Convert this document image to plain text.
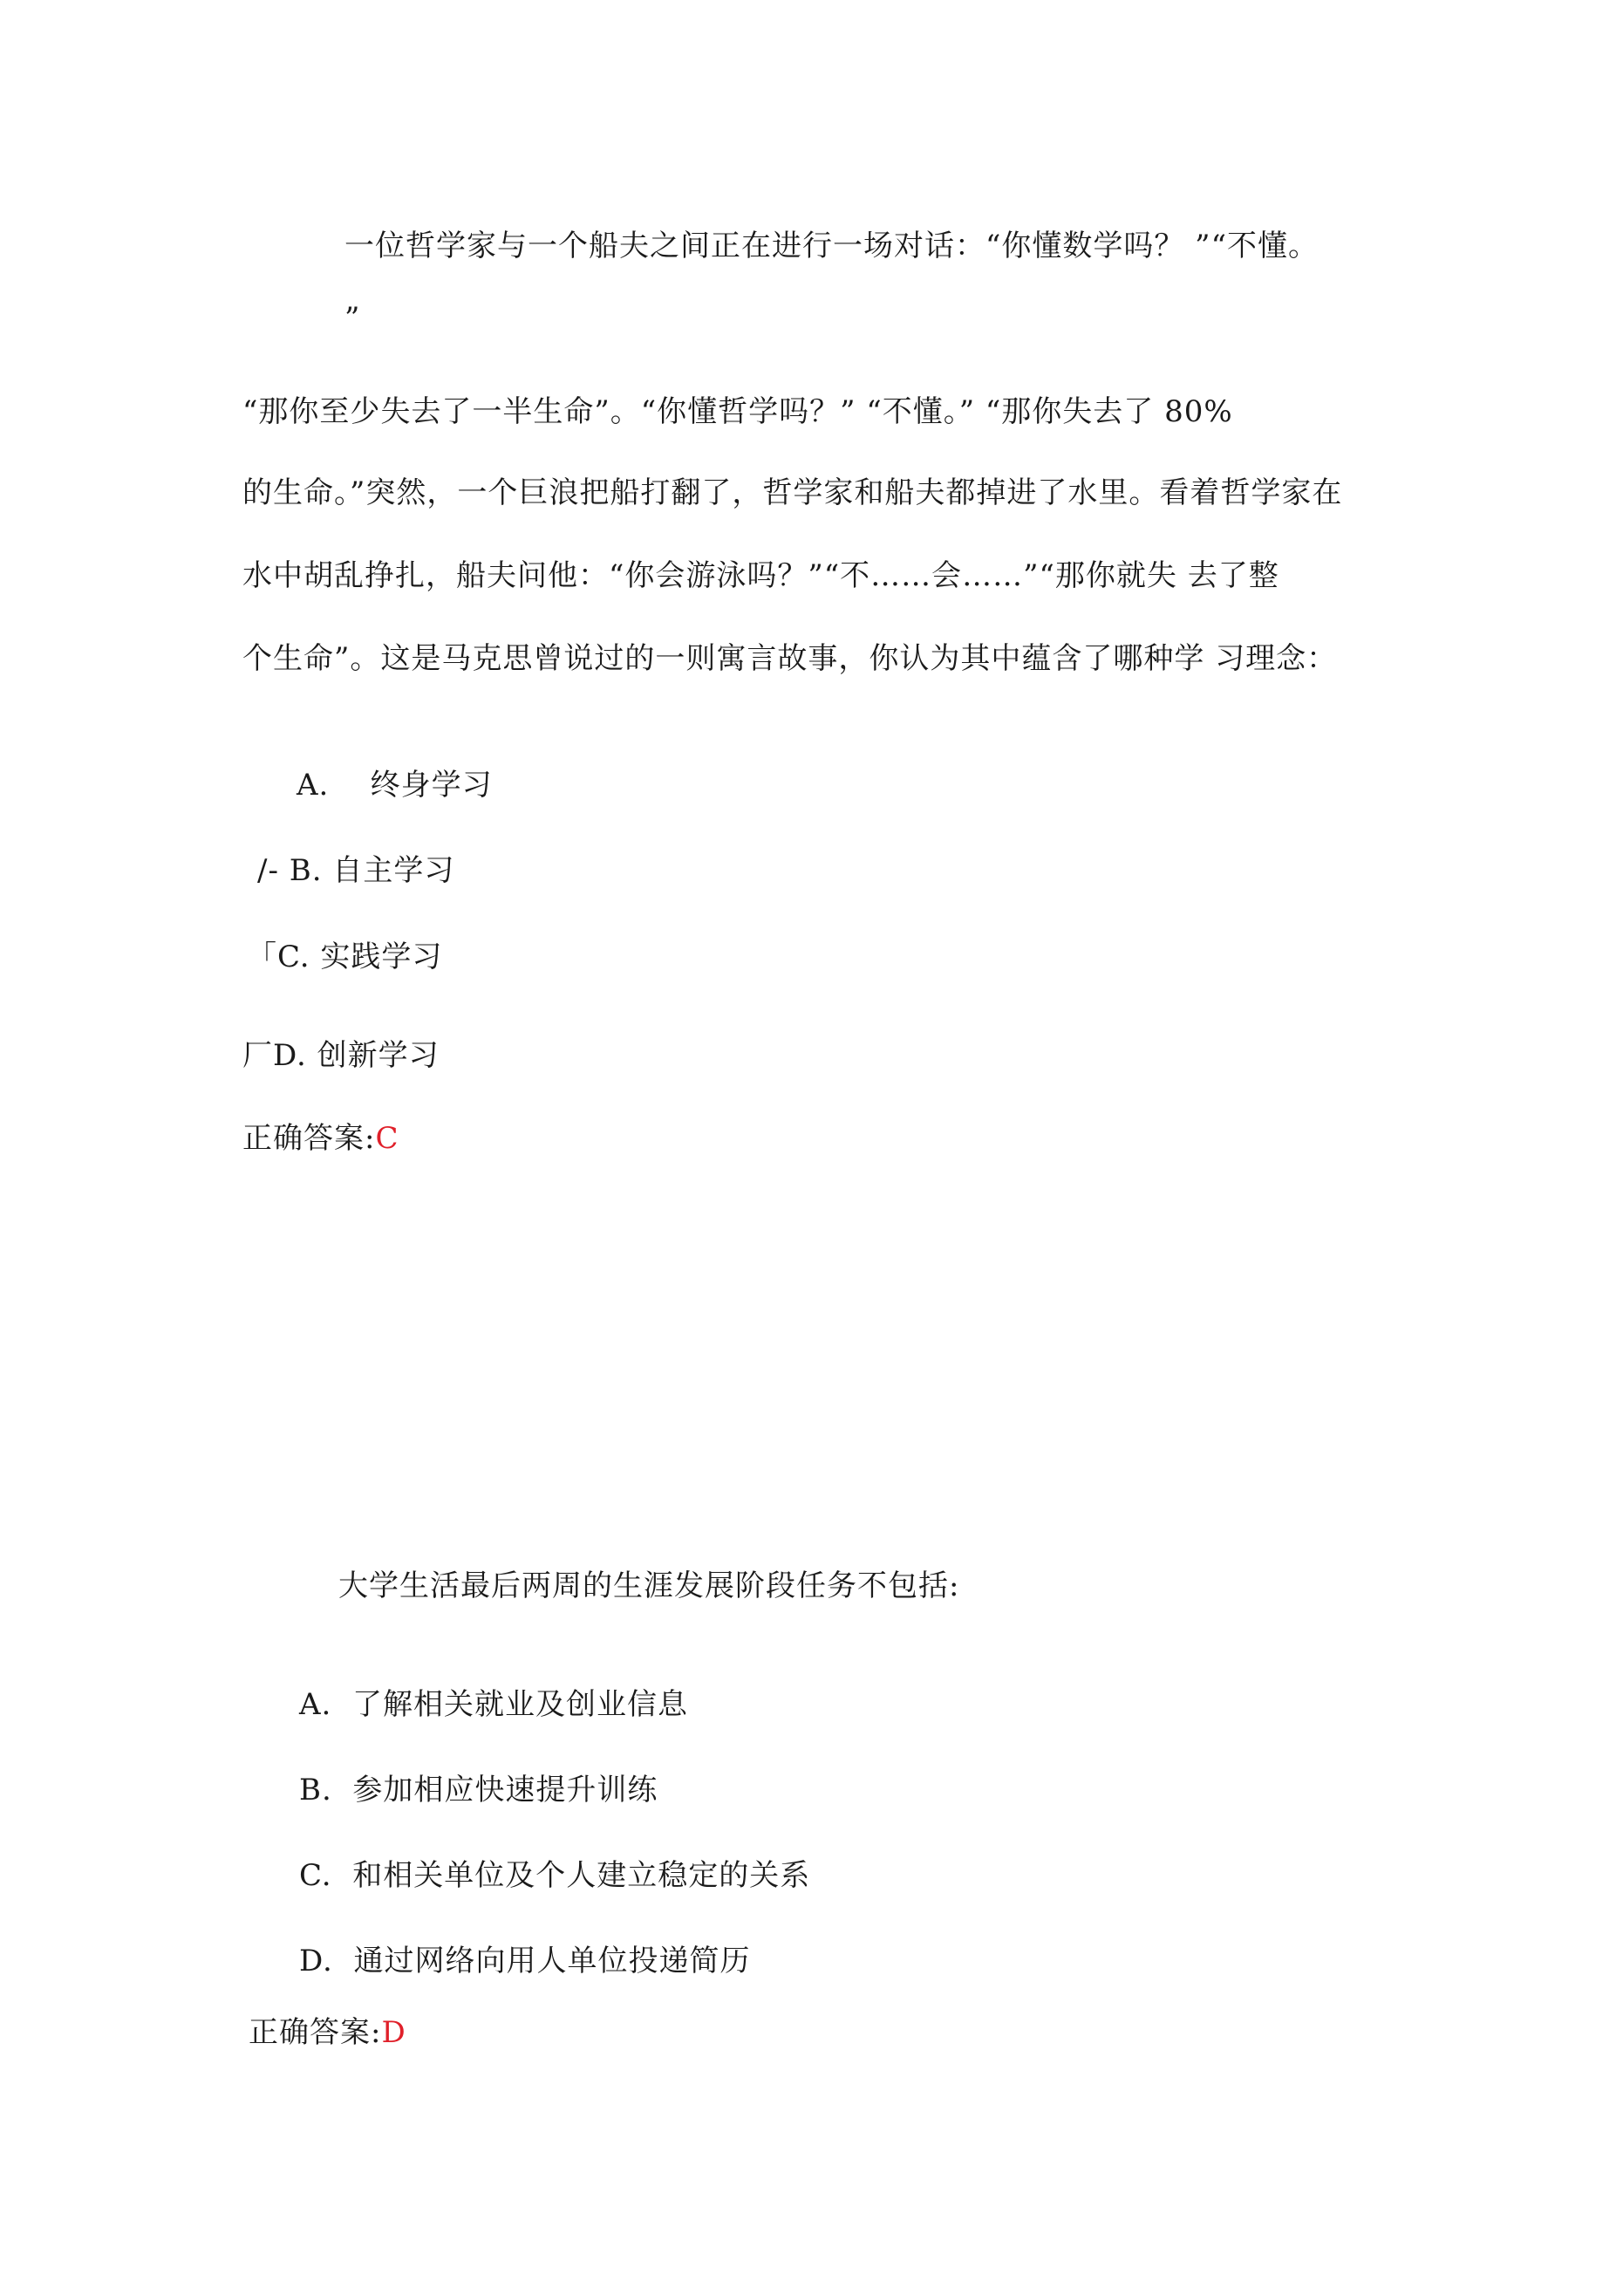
一位哲学家与一个船夫之间正在进行一场对话：“你懂数学吗？ ”“不懂。
”
“那你至少失去了一半生命”。“你懂哲学吗？” “不懂。” “那你失去了 80%
的生命。”突然，一个巨浪把船打翻了，哲学家和船夫都掉进了水里。看着哲学家在
水中胡乱挣扎，船夫问他：“你会游泳吗？”“不……会……”“那你就失 去了整
个生命”。这是马克思曾说过的一则寓言故事，你认为其中蕴含了哪种学 习理念：
A.    终身学习
/- B. 自主学习
「C. 实践学习
厂D. 创新学习
正确答案:C
大学生活最后两周的生涯发展阶段任务不包括:
A.  了解相关就业及创业信息
B.  参加相应快速提升训练
C.  和相关单位及个人建立稳定的关系
D.  通过网络向用人单位投递简历
正确答案:D
